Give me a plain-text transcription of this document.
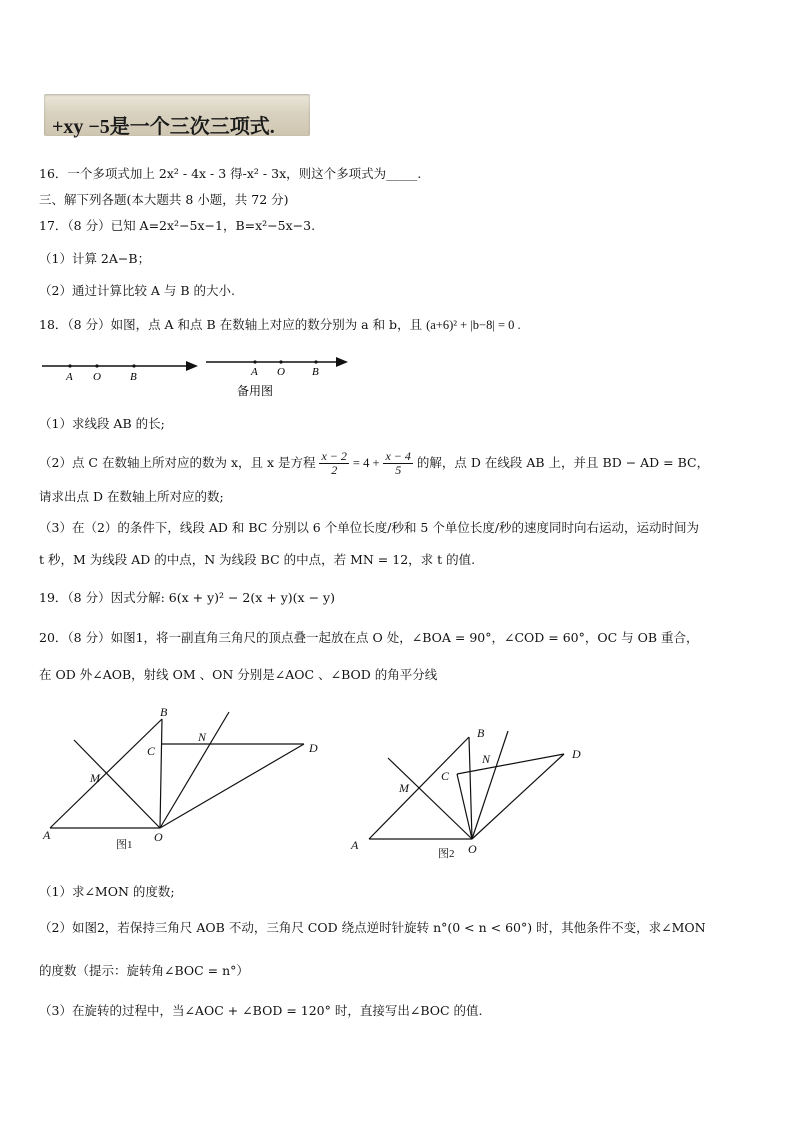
+xy −5是一个三次三项式.
16．一个多项式加上 2x² - 4x - 3 得-x² - 3x，则这个多项式为_____.
三、解下列各题(本大题共 8 小题，共 72 分)
17．（8 分）已知 A=2x²−5x−1，B=x²−5x−3.
（1）计算 2A−B；
（2）通过计算比较 A 与 B 的大小.
18．（8 分）如图，点 A 和点 B 在数轴上对应的数分别为 a 和 b，且 (a+6)² + |b−8| = 0 .
A O	B	A O B
备用图
（1）求线段 AB 的长;
（2）点 C 在数轴上所对应的数为 x，且 x 是方程 $\frac{x - 2}{2} = 4 + \frac{x - 4}{5}$ 的解，点 D 在线段 AB 上，并且 BD − AD = BC，
请求出点 D 在数轴上所对应的数;
（3）在（2）的条件下，线段 AD 和 BC 分别以 6 个单位长度/秒和 5 个单位长度/秒的速度同时向右运动，运动时间为
t 秒，M 为线段 AD 的中点，N 为线段 BC 的中点，若 MN = 12，求 t 的值.
19．（8 分）因式分解: 6(x + y)² − 2(x + y)(x − y)
20．（8 分）如图1，将一副直角三角尺的顶点叠一起放在点 O 处，∠BOA = 90°，∠COD = 60°，OC 与 OB 重合，
在 OD 外∠AOB，射线 OM 、ON 分别是∠AOC 、∠BOD 的角平分线
B
C
N
D
M
A	O
图1
B
N	D
C
M
A	O
图2
（1）求∠MON 的度数;
（2）如图2，若保持三角尺 AOB 不动，三角尺 COD 绕点逆时针旋转 n°(0 < n < 60°) 时，其他条件不变，求∠MON
的度数（提示：旋转角∠BOC = n°）
（3）在旋转的过程中，当∠AOC + ∠BOD = 120° 时，直接写出∠BOC 的值.
